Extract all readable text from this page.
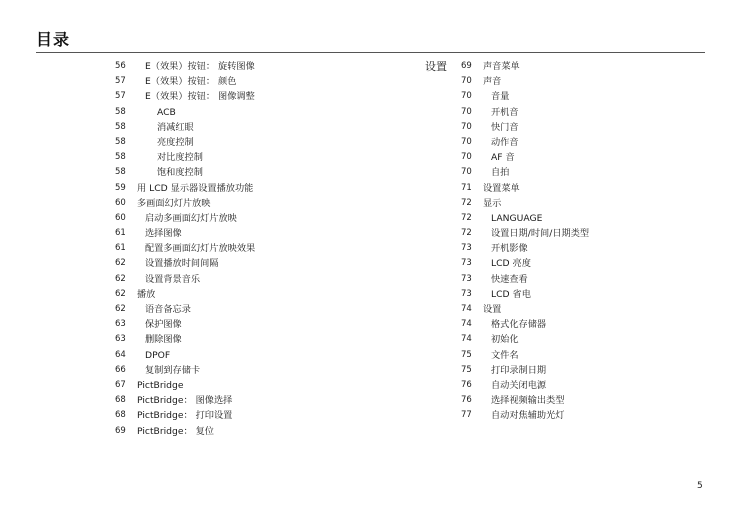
目录
56	E（效果）按钮： 旋转图像
57	E（效果）按钮： 颜色
57	E（效果）按钮： 图像调整
58	ACB
58	消减红眼
58	亮度控制
58	对比度控制
58	饱和度控制
59	用 LCD 显示器设置播放功能
60	多画面幻灯片放映
60	启动多画面幻灯片放映
61	选择图像
61	配置多画面幻灯片放映效果
62	设置播放时间间隔
62	设置背景音乐
62	播放
62	语音备忘录
63	保护图像
63	删除图像
64	DPOF
66	复制到存储卡
67	PictBridge
68	PictBridge： 图像选择
68	PictBridge： 打印设置
69	PictBridge： 复位
设置 69	声音菜单
70	声音
70	音量
70	开机音
70	快门音
70	动作音
70	AF 音
70	自拍
71	设置菜单
72	显示
72	LANGUAGE
72	设置日期/时间/日期类型
73	开机影像
73	LCD 亮度
73	快速查看
73	LCD 省电
74	设置
74	格式化存储器
74	初始化
75	文件名
75	打印录制日期
76	自动关闭电源
76	选择视频输出类型
77	自动对焦辅助光灯
5
